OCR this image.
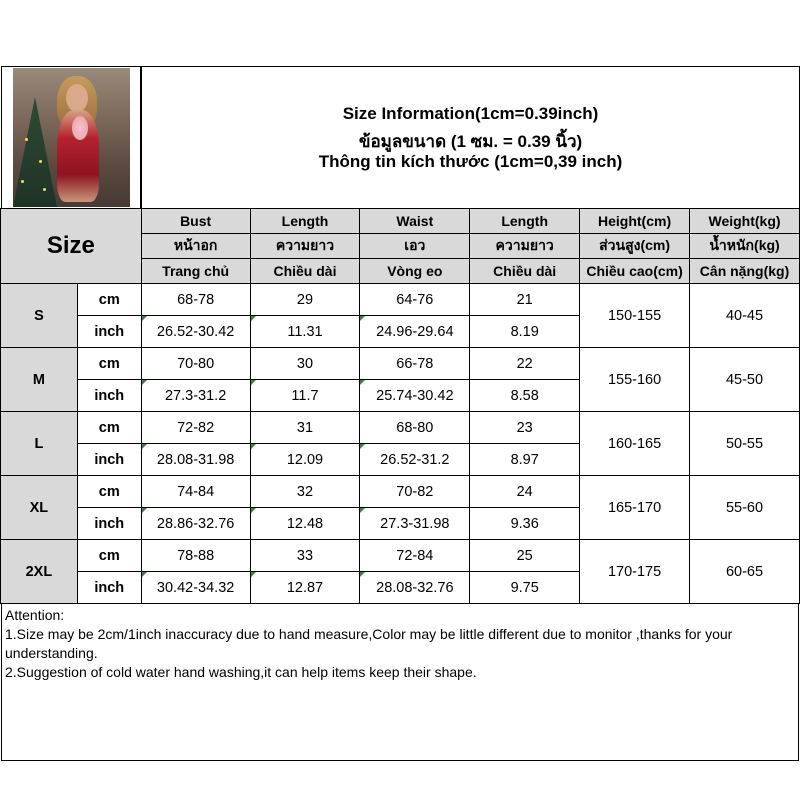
Size Information(1cm=0.39inch)
ข้อมูลขนาด (1 ซม. = 0.39 นิ้ว)
Thông tin kích thước (1cm=0,39 inch)
Size		Bust	Length	Waist	Length	Height(cm)	Weight(kg)
		หน้าอก	ความยาว	เอว	ความยาว	ส่วนสูง(cm)	น้ำหนัก(kg)
		Trang chủ	Chiều dài	Vòng eo	Chiều dài	Chiều cao(cm)	Cân nặng(kg)
S	cm	68-78	29	64-76	21	150-155	40-45
	inch	26.52-30.42	11.31	24.96-29.64	8.19		
M	cm	70-80	30	66-78	22	155-160	45-50
	inch	27.3-31.2	11.7	25.74-30.42	8.58		
L	cm	72-82	31	68-80	23	160-165	50-55
	inch	28.08-31.98	12.09	26.52-31.2	8.97		
XL	cm	74-84	32	70-82	24	165-170	55-60
	inch	28.86-32.76	12.48	27.3-31.98	9.36		
2XL	cm	78-88	33	72-84	25	170-175	60-65
	inch	30.42-34.32	12.87	28.08-32.76	9.75		
Attention:
1.Size may be 2cm/1inch inaccuracy due to hand measure,Color may be little different due to monitor ,thanks for your understanding.
2.Suggestion of cold water hand washing,it can help items keep their shape.
